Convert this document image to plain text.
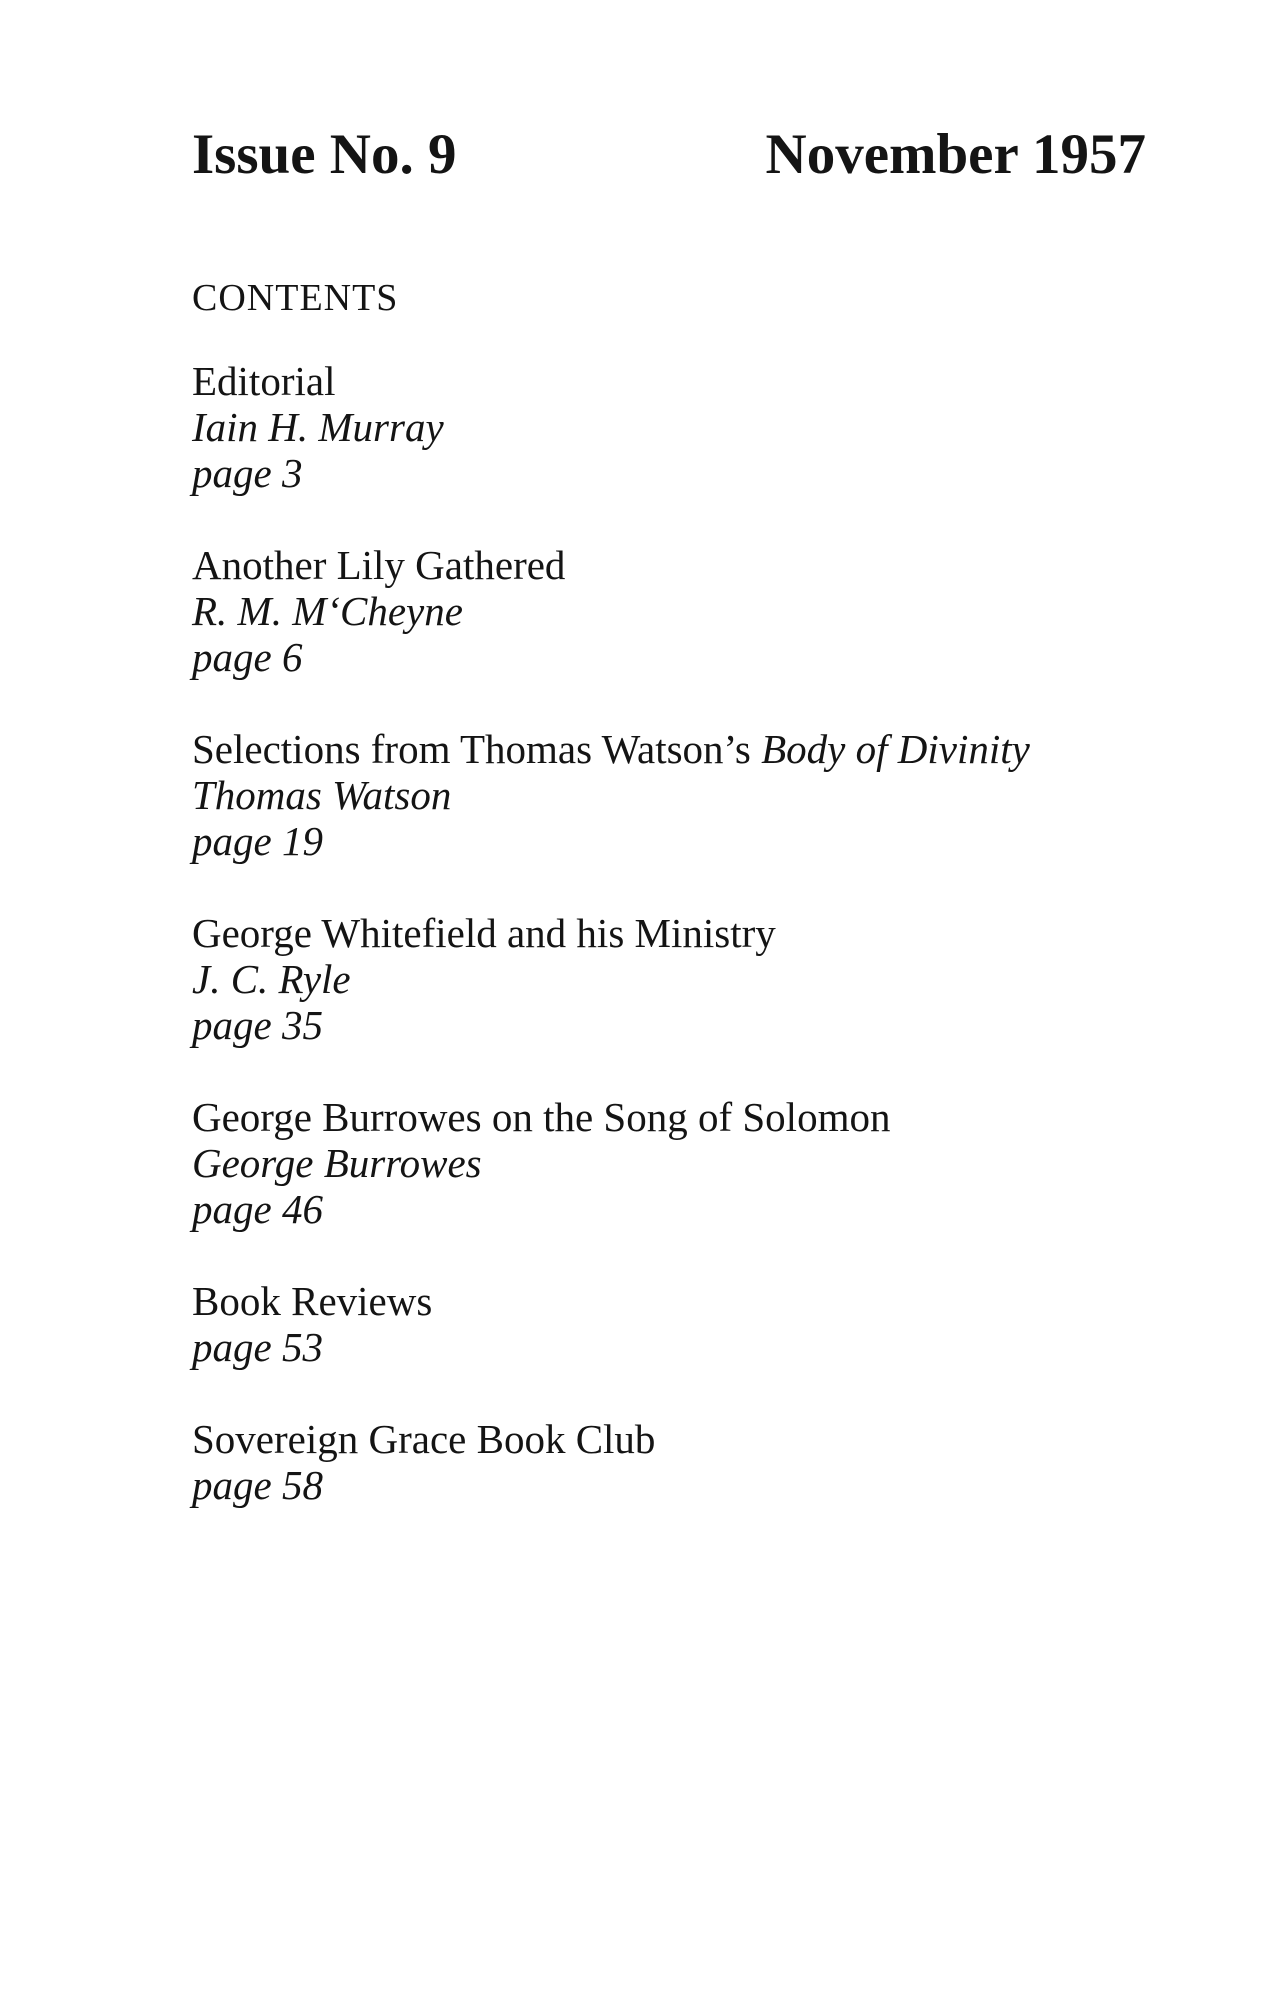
Issue No. 9	November 1957
CONTENTS
Editorial
Iain H. Murray
page 3
Another Lily Gathered
R. M. M‘Cheyne
page 6
Selections from Thomas Watson’s Body of Divinity
Thomas Watson
page 19
George Whitefield and his Ministry
J. C. Ryle
page 35
George Burrowes on the Song of Solomon
George Burrowes
page 46
Book Reviews
page 53
Sovereign Grace Book Club
page 58
